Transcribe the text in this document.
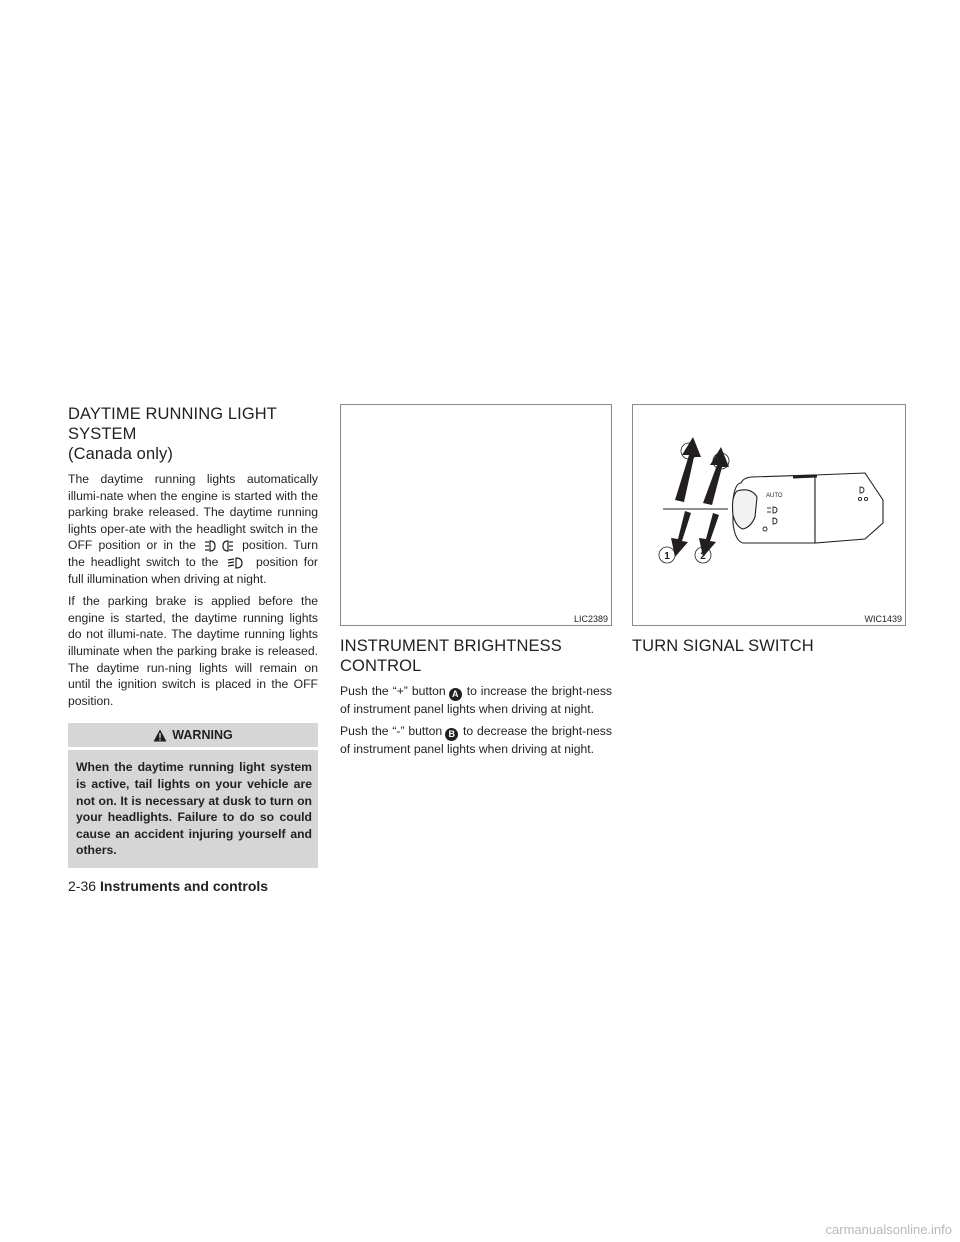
DAYTIME RUNNING LIGHT SYSTEM
(Canada only)

The daytime running lights automatically illumi-nate when the engine is started with the parking brake released. The daytime running lights oper-ate with the headlight switch in the OFF position or in the	position. Turn the headlight switch to the	position for full illumination when driving at night.

If the parking brake is applied before the engine is started, the daytime running lights do not illumi-nate. The daytime running lights illuminate when the parking brake is released. The daytime run-ning lights will remain on until the ignition switch is placed in the OFF position.

WARNING
When the daytime running light system is active, tail lights on your vehicle are not on. It is necessary at dusk to turn on your headlights. Failure to do so could cause an accident injuring yourself and others.
LIC2389
INSTRUMENT BRIGHTNESS
CONTROL

Push the “+” button A to increase the bright-ness of instrument panel lights when driving at night.

Push the “-” button B to decrease the bright-ness of instrument panel lights when driving at night.

AUTO
1
2
1	2
WIC1439
TURN SIGNAL SWITCH
2-36 Instruments and controls
carmanualsonline.info
